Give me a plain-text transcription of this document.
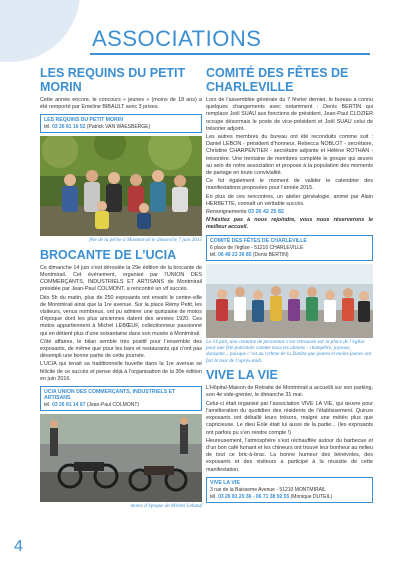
ASSOCIATIONS
LES REQUINS DU PETIT MORIN

Cette année encore, le concours « jeunes » (moins de 18 ans) a été remporté par Emeline BIBAULT avec 3 prises.

LES REQUINS DU PETIT MORIN
tél. 03 26 81 16 52 (Patrick VAN WAESBERGE)
fête de la pêche à Montmirail le dimanche 7 juin 2015
BROCANTE DE L’UCIA

Ce dimanche 14 juin s’est déroulée la 29e édition de la brocante de Montmirail. Cet événement, organisé par l’UNION DES COMMERÇANTS, INDUSTRIELS ET ARTISANS de Montmirail présidée par Jean-Paul COLMONT, a rencontré un vif succès.

Dès 5h du matin, plus de 250 exposants ont envahi le centre-ville de Montmirail ainsi que la 1re avenue. Sur la place Rémy Petit, les visiteurs, venus nombreux, ont pu admirer une quinzaine de motos d’époque dont les plus anciennes datent des années 1920. Ces motos appartiennent à Michel LEBŒUF, collectionneur passionné qui en détient plus d’une soixantaine dans son musée à Montmirail.

Côté affaires, le bilan semble très positif pour l’ensemble des exposants, de même que pour les bars et restaurants qui n’ont pas désempli une bonne partie de cette journée.

L’UCIA qui tenait sa traditionnelle buvette dans la 1re avenue se félicite de ce succès et pense déjà à l’organisation de la 30e édition en juin 2016.

UCIA UNION DES COMMERÇANTS, INDUSTRIELS ET ARTISANS
tél. 03 26 81 14 67 (Jean-Paul COLMONT)
motos d’époque de Michel Lebœuf
COMITÉ DES FÊTES DE CHARLEVILLE

Lors de l’assemblée générale du 7 février dernier, le bureau a connu quelques changements avec notamment : Denis BERTIN qui remplace Joël SUAU aux fonctions de président, Jean-Paul CLOZIER occupe désormais le poste de vice-président et Joël SUAU celui de trésorier adjoint.

Les autres membres du bureau ont été reconduits comme suit : Daniel LEBON - président d’honneur, Rebecca NOBLOT - secrétaire, Christine CHARPENTIER - secrétaire adjointe et Hélène ROTHAN - trésorière. Une trentaine de membres complète le groupe qui œuvre au sein de notre association et propose à la population des moments de partage en toute convivialité.

Ce fut également le moment de valider le calendrier des manifestations proposées pour l’année 2015.

En plus de ces rencontres, un atelier généalogie, animé par Alain HERBETTE, connaît un véritable succès.

Renseignements 03 26 42 25 82

N’hésitez pas à nous rejoindre, vous nous réserverons le meilleur accueil.

COMITÉ DES FÊTES DE CHARLEVILLE
6 place de l’église - 51210 CHARLEVILLE
tél. 06 48 23 36 85 (Denis BERTIN)
Le 14 juin, une centaine de personnes s’est retrouvée sur la place de l’église pour une fête patronale comme nous les aimons : champêtre, joyeuse, dansante... puisque c’est au rythme de la Zumba que jeunes et moins jeunes ont fait le tour de l’après-midi.
VIVE LA VIE

L’Hôpital-Maison de Retraite de Montmirail a accueilli sur son parking, son 4e vide-grenier, le dimanche 31 mai.

Celui-ci était organisé par l’association VIVE LA VIE, qui œuvre pour l’amélioration du quotidien des résidents de l’établissement. Quinze exposants ont déballé leurs trésors, malgré une météo plus que capricieuse. Le dieu Éole était lui aussi de la partie... (les exposants ont parfois pu s’en rendre compte !)

Heureusement, l’atmosphère s’est réchauffée autour du barbecue et d’un bon café fumant et les chineurs ont trouvé leur bonheur au milieu de tout ce bric-à-brac. La bonne humeur des bénévoles, des exposants et des visiteurs a participé à la réussite de cette manifestation.

VIVE LA VIE
3 rue de la Baisseme Avenue - 51210 MONTMIRAIL
tél. 03 26 81 20 36 - 06 71 38 92 55 (Monique DUTEIL)
4
